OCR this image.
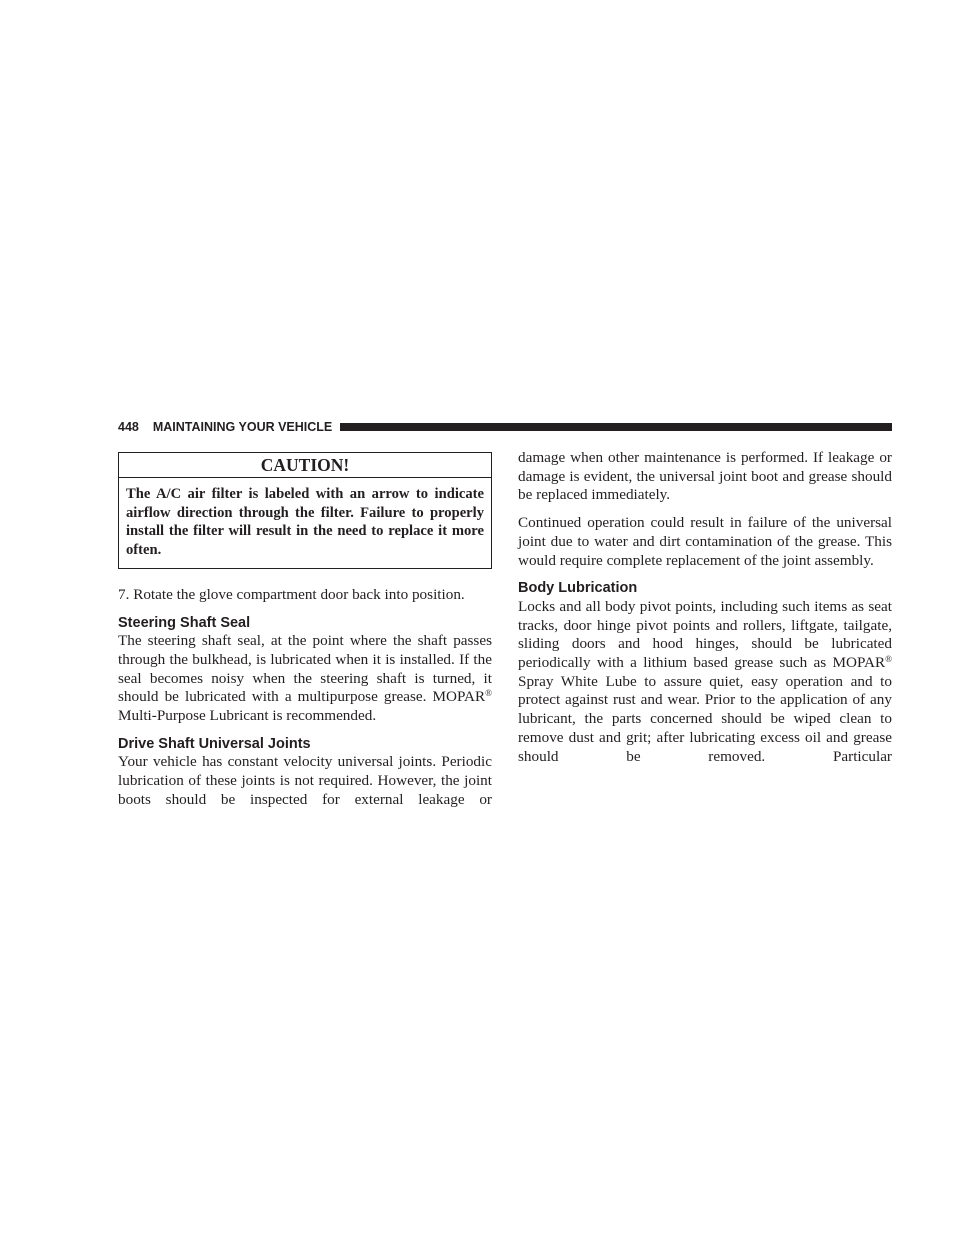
448 MAINTAINING YOUR VEHICLE
CAUTION!
The A/C air filter is labeled with an arrow to indicate airflow direction through the filter. Failure to properly install the filter will result in the need to replace it more often.

7. Rotate the glove compartment door back into position.

Steering Shaft Seal

The steering shaft seal, at the point where the shaft passes through the bulkhead, is lubricated when it is installed. If the seal becomes noisy when the steering shaft is turned, it should be lubricated with a multipurpose grease. MOPAR® Multi-Purpose Lubricant is recommended.

Drive Shaft Universal Joints

Your vehicle has constant velocity universal joints. Periodic lubrication of these joints is not required. However, the joint boots should be inspected for external leakage or

damage when other maintenance is performed. If leakage or damage is evident, the universal joint boot and grease should be replaced immediately.

Continued operation could result in failure of the universal joint due to water and dirt contamination of the grease. This would require complete replacement of the joint assembly.

Body Lubrication

Locks and all body pivot points, including such items as seat tracks, door hinge pivot points and rollers, liftgate, tailgate, sliding doors and hood hinges, should be lubricated periodically with a lithium based grease such as MOPAR® Spray White Lube to assure quiet, easy operation and to protect against rust and wear. Prior to the application of any lubricant, the parts concerned should be wiped clean to remove dust and grit; after lubricating excess oil and grease should be removed. Particular
